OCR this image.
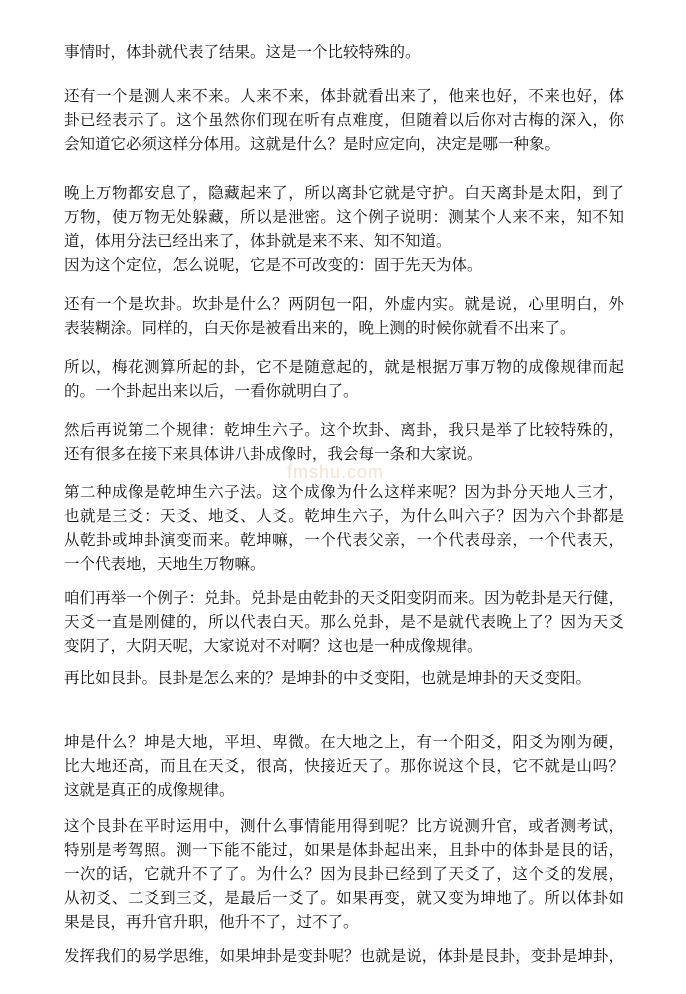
事情时，体卦就代表了结果。这是一个比较特殊的。
还有一个是测人来不来。人来不来，体卦就看出来了，他来也好，不来也好，体
卦已经表示了。这个虽然你们现在听有点难度，但随着以后你对古梅的深入，你
会知道它必须这样分体用。这就是什么？是时应定向，决定是哪一种象。
晚上万物都安息了，隐藏起来了，所以离卦它就是守护。白天离卦是太阳，到了
万物，使万物无处躲藏，所以是泄密。这个例子说明：测某个人来不来，知不知
道，体用分法已经出来了，体卦就是来不来、知不知道。
因为这个定位，怎么说呢，它是不可改变的：固于先天为体。
还有一个是坎卦。坎卦是什么？两阴包一阳，外虚内实。就是说，心里明白，外
表装糊涂。同样的，白天你是被看出来的，晚上测的时候你就看不出来了。
所以，梅花测算所起的卦，它不是随意起的，就是根据万事万物的成像规律而起
的。一个卦起出来以后，一看你就明白了。
然后再说第二个规律：乾坤生六子。这个坎卦、离卦，我只是举了比较特殊的，
还有很多在接下来具体讲八卦成像时，我会每一条和大家说。
第二种成像是乾坤生六子法。这个成像为什么这样来呢？因为卦分天地人三才，
也就是三爻：天爻、地爻、人爻。乾坤生六子，为什么叫六子？因为六个卦都是
从乾卦或坤卦演变而来。乾坤嘛，一个代表父亲，一个代表母亲，一个代表天，
一个代表地，天地生万物嘛。
咱们再举一个例子：兑卦。兑卦是由乾卦的天爻阳变阴而来。因为乾卦是天行健，
天爻一直是刚健的，所以代表白天。那么兑卦，是不是就代表晚上了？因为天爻
变阴了，大阴天呢，大家说对不对啊？这也是一种成像规律。
再比如艮卦。艮卦是怎么来的？是坤卦的中爻变阳，也就是坤卦的天爻变阳。
坤是什么？坤是大地，平坦、卑微。在大地之上，有一个阳爻，阳爻为刚为硬，
比大地还高，而且在天爻，很高，快接近天了。那你说这个艮，它不就是山吗？
这就是真正的成像规律。
这个艮卦在平时运用中，测什么事情能用得到呢？比方说测升官，或者测考试，
特别是考驾照。测一下能不能过，如果是体卦起出来，且卦中的体卦是艮的话，
一次的话，它就升不了了。为什么？因为艮卦已经到了天爻了，这个爻的发展，
从初爻、二爻到三爻，是最后一爻了。如果再变，就又变为坤地了。所以体卦如
果是艮，再升官升职，他升不了，过不了。
发挥我们的易学思维，如果坤卦是变卦呢？也就是说，体卦是艮卦，变卦是坤卦，
fmshu.com
